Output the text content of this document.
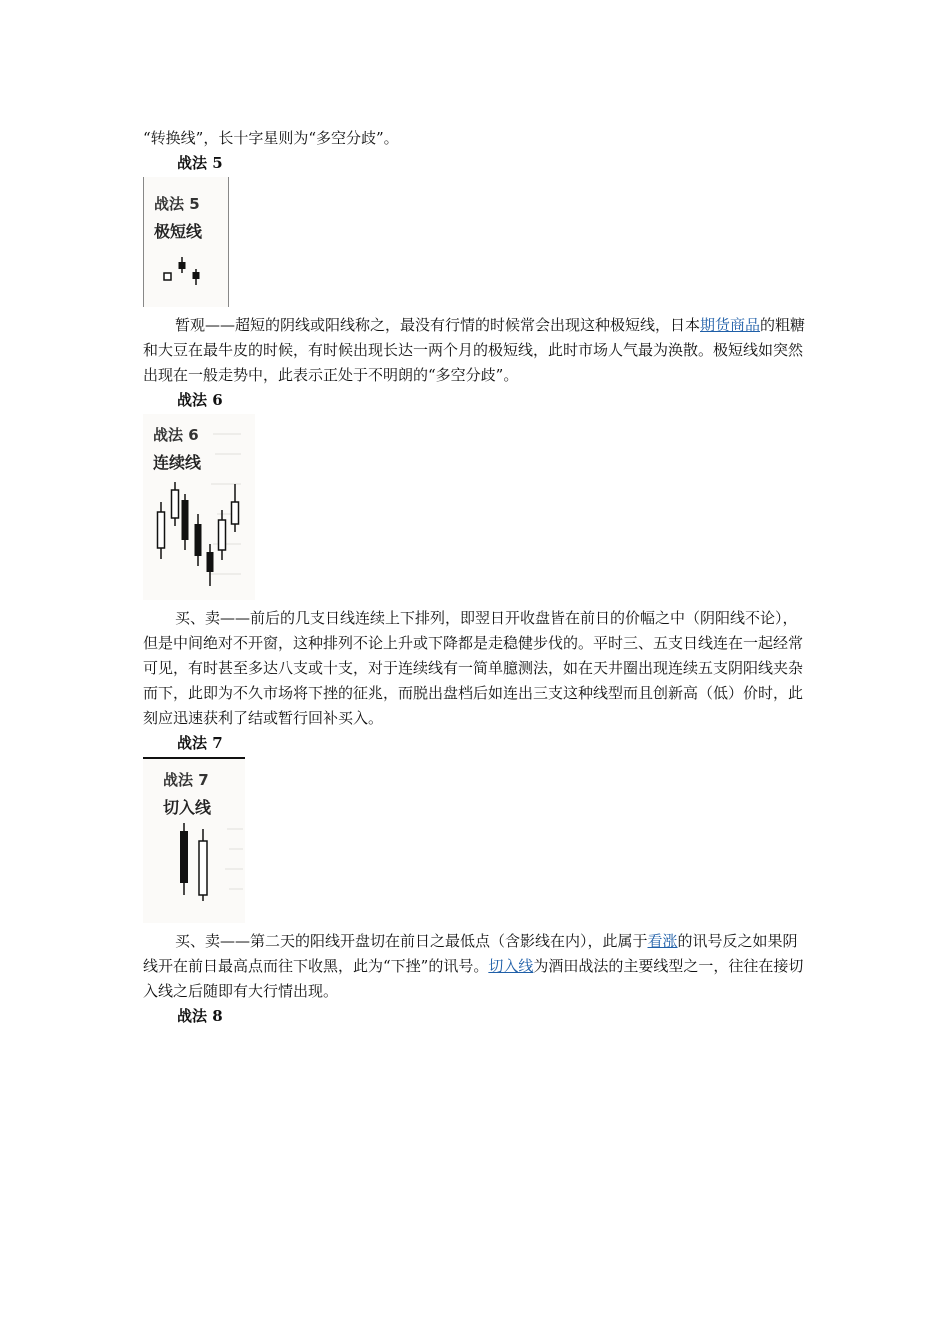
“转换线”，长十字星则为“多空分歧”。

战法 5

战法 5
极短线

暂观——超短的阴线或阳线称之，最没有行情的时候常会出现这种极短线，日本期货商品的粗糖和大豆在最牛皮的时候，有时候出现长达一两个月的极短线，此时市场人气最为涣散。极短线如突然出现在一般走势中，此表示正处于不明朗的“多空分歧”。

战法 6

战法 6
连续线

买、卖——前后的几支日线连续上下排列，即翌日开收盘皆在前日的价幅之中（阴阳线不论），但是中间绝对不开窗，这种排列不论上升或下降都是走稳健步伐的。平时三、五支日线连在一起经常可见，有时甚至多达八支或十支，对于连续线有一简单臆测法，如在天井圈出现连续五支阴阳线夹杂而下，此即为不久市场将下挫的征兆，而脱出盘档后如连出三支这种线型而且创新高（低）价时，此刻应迅速获利了结或暂行回补买入。

战法 7

战法 7
切入线

买、卖——第二天的阳线开盘切在前日之最低点（含影线在内），此属于看涨的讯号反之如果阴线开在前日最高点而往下收黑，此为“下挫”的讯号。切入线为酒田战法的主要线型之一，往往在接切入线之后随即有大行情出现。

战法 8
